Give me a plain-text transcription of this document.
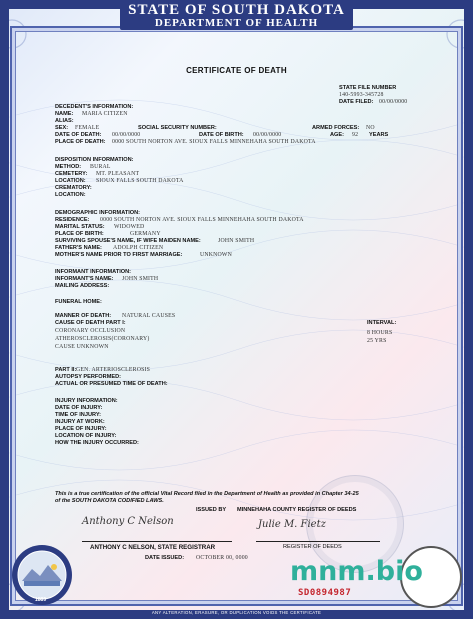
STATE OF SOUTH DAKOTA
DEPARTMENT OF HEALTH
CERTIFICATE OF DEATH
STATE FILE NUMBER
140-5993-345728
DATE FILED: 00/00/0000
DECEDENT'S INFORMATION:
NAME: MARIA CITIZEN
ALIAS:
SEX: FEMALE	SOCIAL SECURITY NUMBER:	ARMED FORCES: NO
DATE OF DEATH: 00/00/0000	DATE OF BIRTH: 00/00/0000	AGE: 92 YEARS
PLACE OF DEATH: 0000 SOUTH NORTON AVE. SIOUX FALLS MINNEHAHA SOUTH DAKOTA
DISPOSITION INFORMATION:
METHOD: BURAL
CEMETERY: MT. PLEASANT
LOCATION: SIOUX FALLS SOUTH DAKOTA
CREMATORY:
LOCATION:
DEMOGRAPHIC INFORMATION:
RESIDENCE: 0000 SOUTH NORTON AVE. SIOUX FALLS MINNEHAHA SOUTH DAKOTA
MARITAL STATUS: WIDOWED
PLACE OF BIRTH:	GERMANY
SURVIVING SPOUSE'S NAME, IF WIFE MAIDEN NAME:	JOHN SMITH
FATHER'S NAME: ADOLPH CITIZEN
MOTHER'S NAME PRIOR TO FIRST MARRIAGE:	UNKNOWN
INFORMANT INFORMATION:
INFORMANT'S NAME: JOHN SMITH
MAILING ADDRESS:
FUNERAL HOME:
MANNER OF DEATH: NATURAL CAUSES
CAUSE OF DEATH PART I:	INTERVAL:
CORONARY OCCLUSION	8 HOURS
ATHEROSCLEROSIS(CORONARY)	25 YRS
CAUSE UNKNOWN
PART II: GEN. ARTERIOSCLEROSIS
AUTOPSY PERFORMED:
ACTUAL OR PRESUMED TIME OF DEATH:
INJURY INFORMATION:
DATE OF INJURY:
TIME OF INJURY:
INJURY AT WORK:
PLACE OF INJURY:
LOCATION OF INJURY:
HOW THE INJURY OCCURRED:
This is a true certification of the official Vital Record filed in the Department of Health as provided in Chapter 34-25
of the SOUTH DAKOTA CODIFIED LAWS.
ISSUED BY MINNEHAHA COUNTY REGISTER OF DEEDS
Anthony C Nelson	Julie M. Fietz
ANTHONY C NELSON, STATE REGISTRAR	REGISTER OF DEEDS
DATE ISSUED: OCTOBER 00, 0000
1889
mnm.bio
SD0894987
ANY ALTERATION, ERASURE, OR DUPLICATION VOIDS THE CERTIFICATE
